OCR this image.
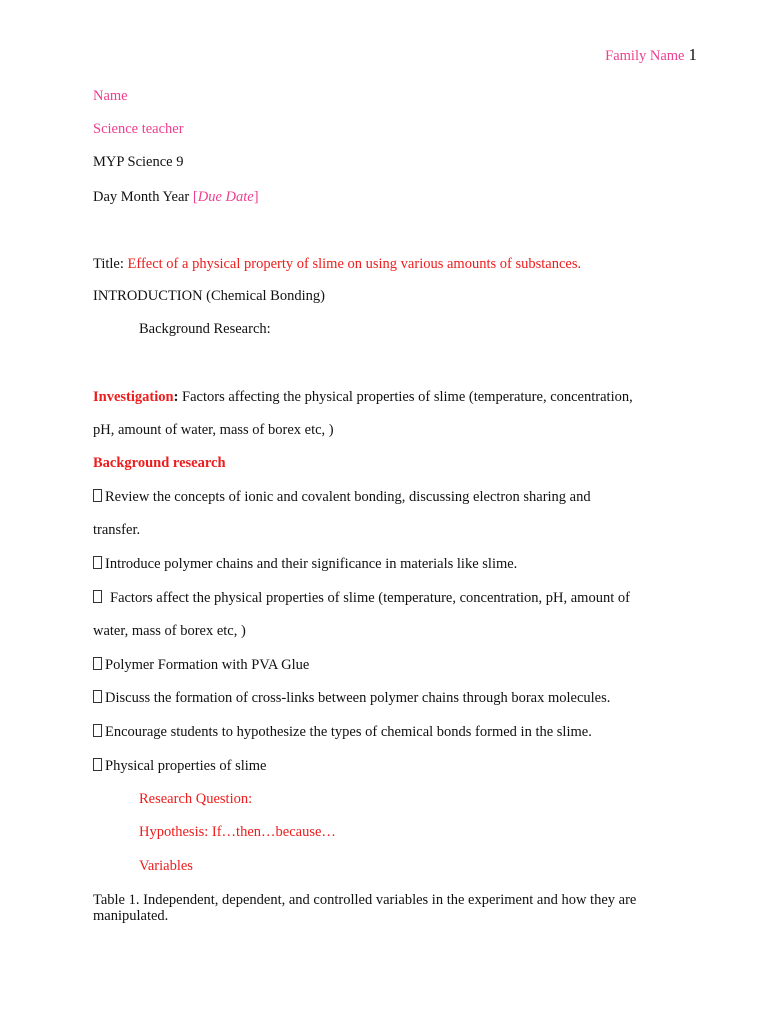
Family Name 1
Name
Science teacher
MYP Science 9
Day Month Year [Due Date]
Title: Effect of a physical property of slime on using various amounts of substances.
INTRODUCTION (Chemical Bonding)
Background Research:
Investigation: Factors affecting the physical properties of slime (temperature, concentration,
pH, amount of water, mass of borex etc, )
Background research
Review the concepts of ionic and covalent bonding, discussing electron sharing and
transfer.
Introduce polymer chains and their significance in materials like slime.
Factors affect the physical properties of slime (temperature, concentration, pH, amount of
water, mass of borex etc, )
Polymer Formation with PVA Glue
Discuss the formation of cross-links between polymer chains through borax molecules.
Encourage students to hypothesize the types of chemical bonds formed in the slime.
Physical properties of slime
Research Question:
Hypothesis: If…then…because…
Variables
Table 1. Independent, dependent, and controlled variables in the experiment and how they are manipulated.
